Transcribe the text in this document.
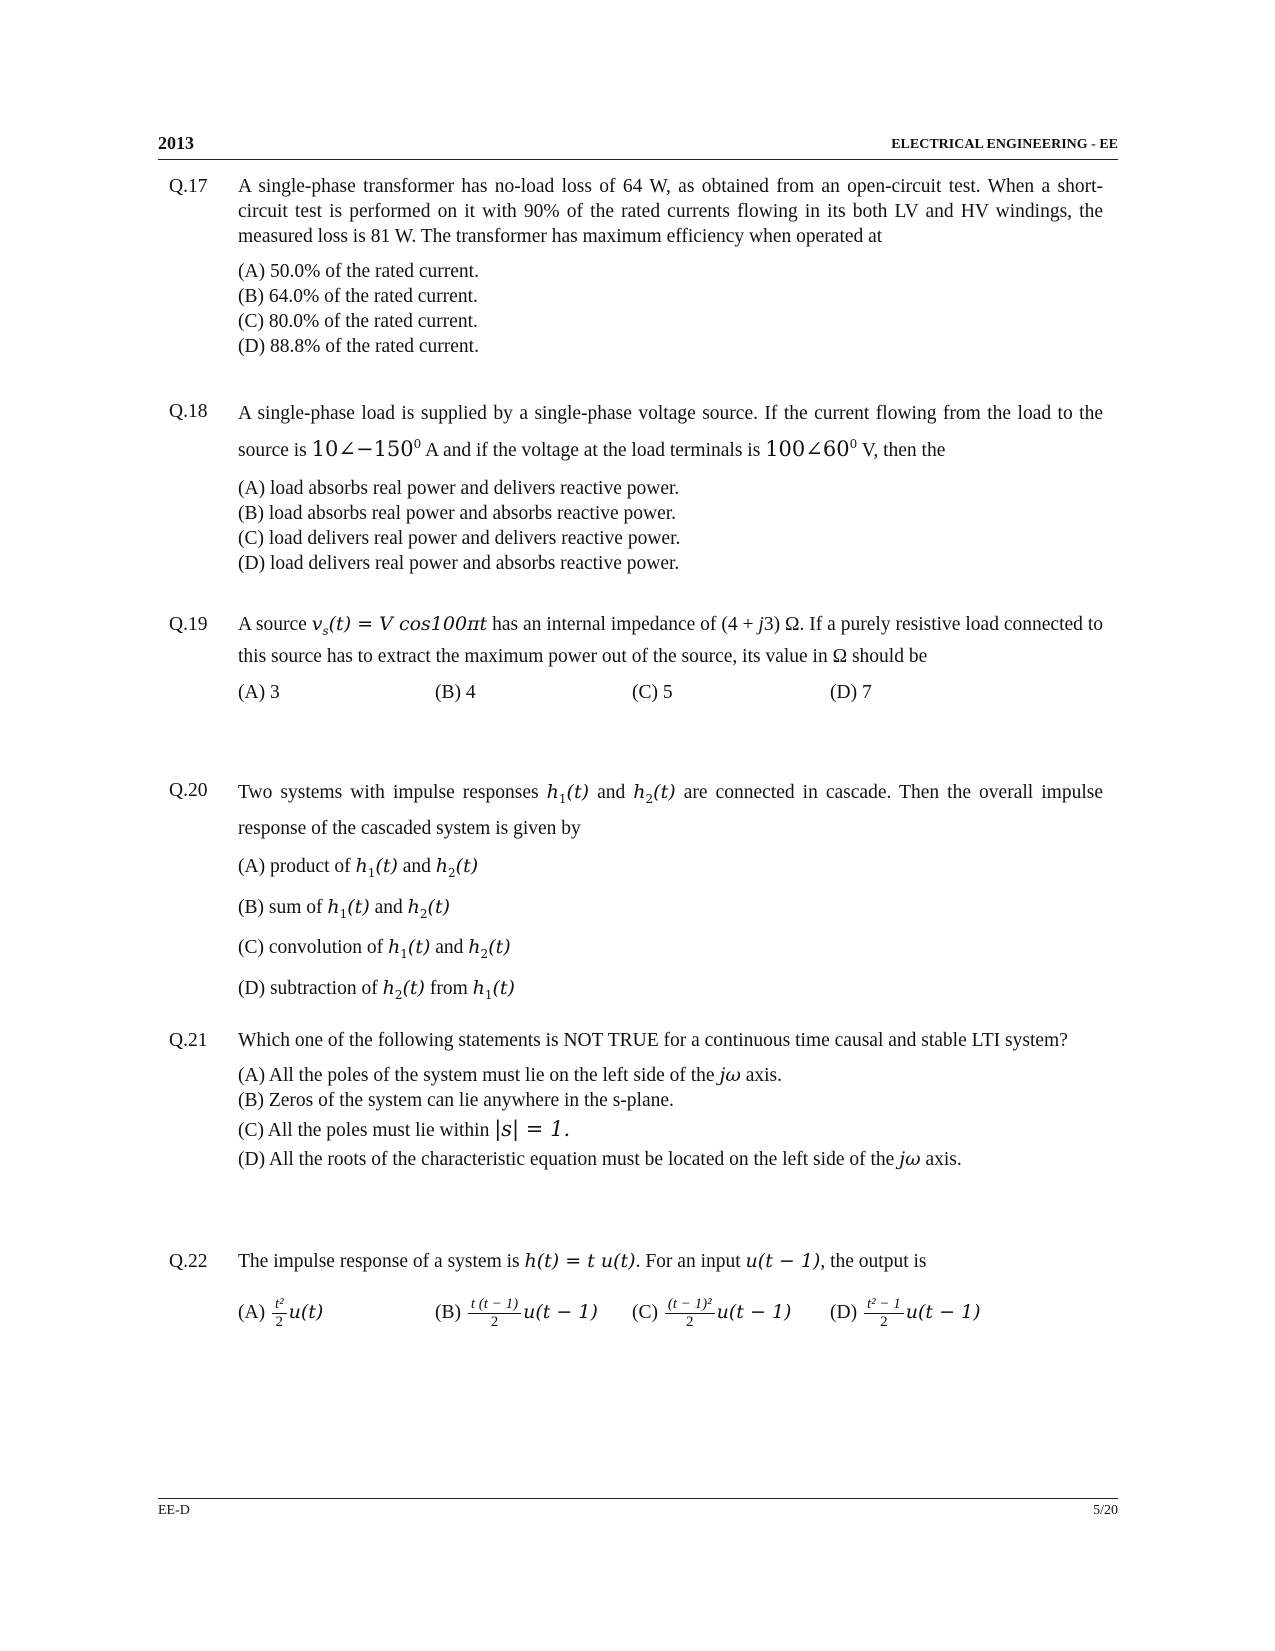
2013	ELECTRICAL ENGINEERING - EE
Q.17	A single-phase transformer has no-load loss of 64 W, as obtained from an open-circuit test. When a short-circuit test is performed on it with 90% of the rated currents flowing in its both LV and HV windings, the measured loss is 81 W. The transformer has maximum efficiency when operated at

(A) 50.0% of the rated current.
(B) 64.0% of the rated current.
(C) 80.0% of the rated current.
(D) 88.8% of the rated current.
Q.18	A single-phase load is supplied by a single-phase voltage source. If the current flowing from the load to the source is $10\angle-150^0$ A and if the voltage at the load terminals is $100\angle 60^0$ V, then the

(A) load absorbs real power and delivers reactive power.
(B) load absorbs real power and absorbs reactive power.
(C) load delivers real power and delivers reactive power.
(D) load delivers real power and absorbs reactive power.
Q.19	A source $v_s(t) = V$ cos100πt has an internal impedance of (4 + j3) Ω. If a purely resistive load connected to this source has to extract the maximum power out of the source, its value in Ω should be

(A) 3	(B) 4	(C) 5	(D) 7
Q.20	Two systems with impulse responses $h_1(t)$ and $h_2(t)$ are connected in cascade. Then the overall impulse response of the cascaded system is given by

(A) product of $h_1(t)$ and $h_2(t)$
(B) sum of $h_1(t)$ and $h_2(t)$
(C) convolution of $h_1(t)$ and $h_2(t)$
(D) subtraction of $h_2(t)$ from $h_1(t)$
Q.21	Which one of the following statements is NOT TRUE for a continuous time causal and stable LTI system?

(A) All the poles of the system must lie on the left side of the jω axis.
(B) Zeros of the system can lie anywhere in the s-plane.
(C) All the poles must lie within |s| = 1.
(D) All the roots of the characteristic equation must be located on the left side of the jω axis.
Q.22	The impulse response of a system is h(t) = t u(t). For an input u(t − 1), the output is

$(A) \frac{\text{t²}}{2} u(t)$	$(B) \frac{t (t - 1)}{2} u(t - 1)$ $(C) \frac{\text{(t − 1)²}}{2} u(t - 1)$ $(D) \frac{\text{t² − 1}}{2} u(t - 1)$
EE-D	5/20
